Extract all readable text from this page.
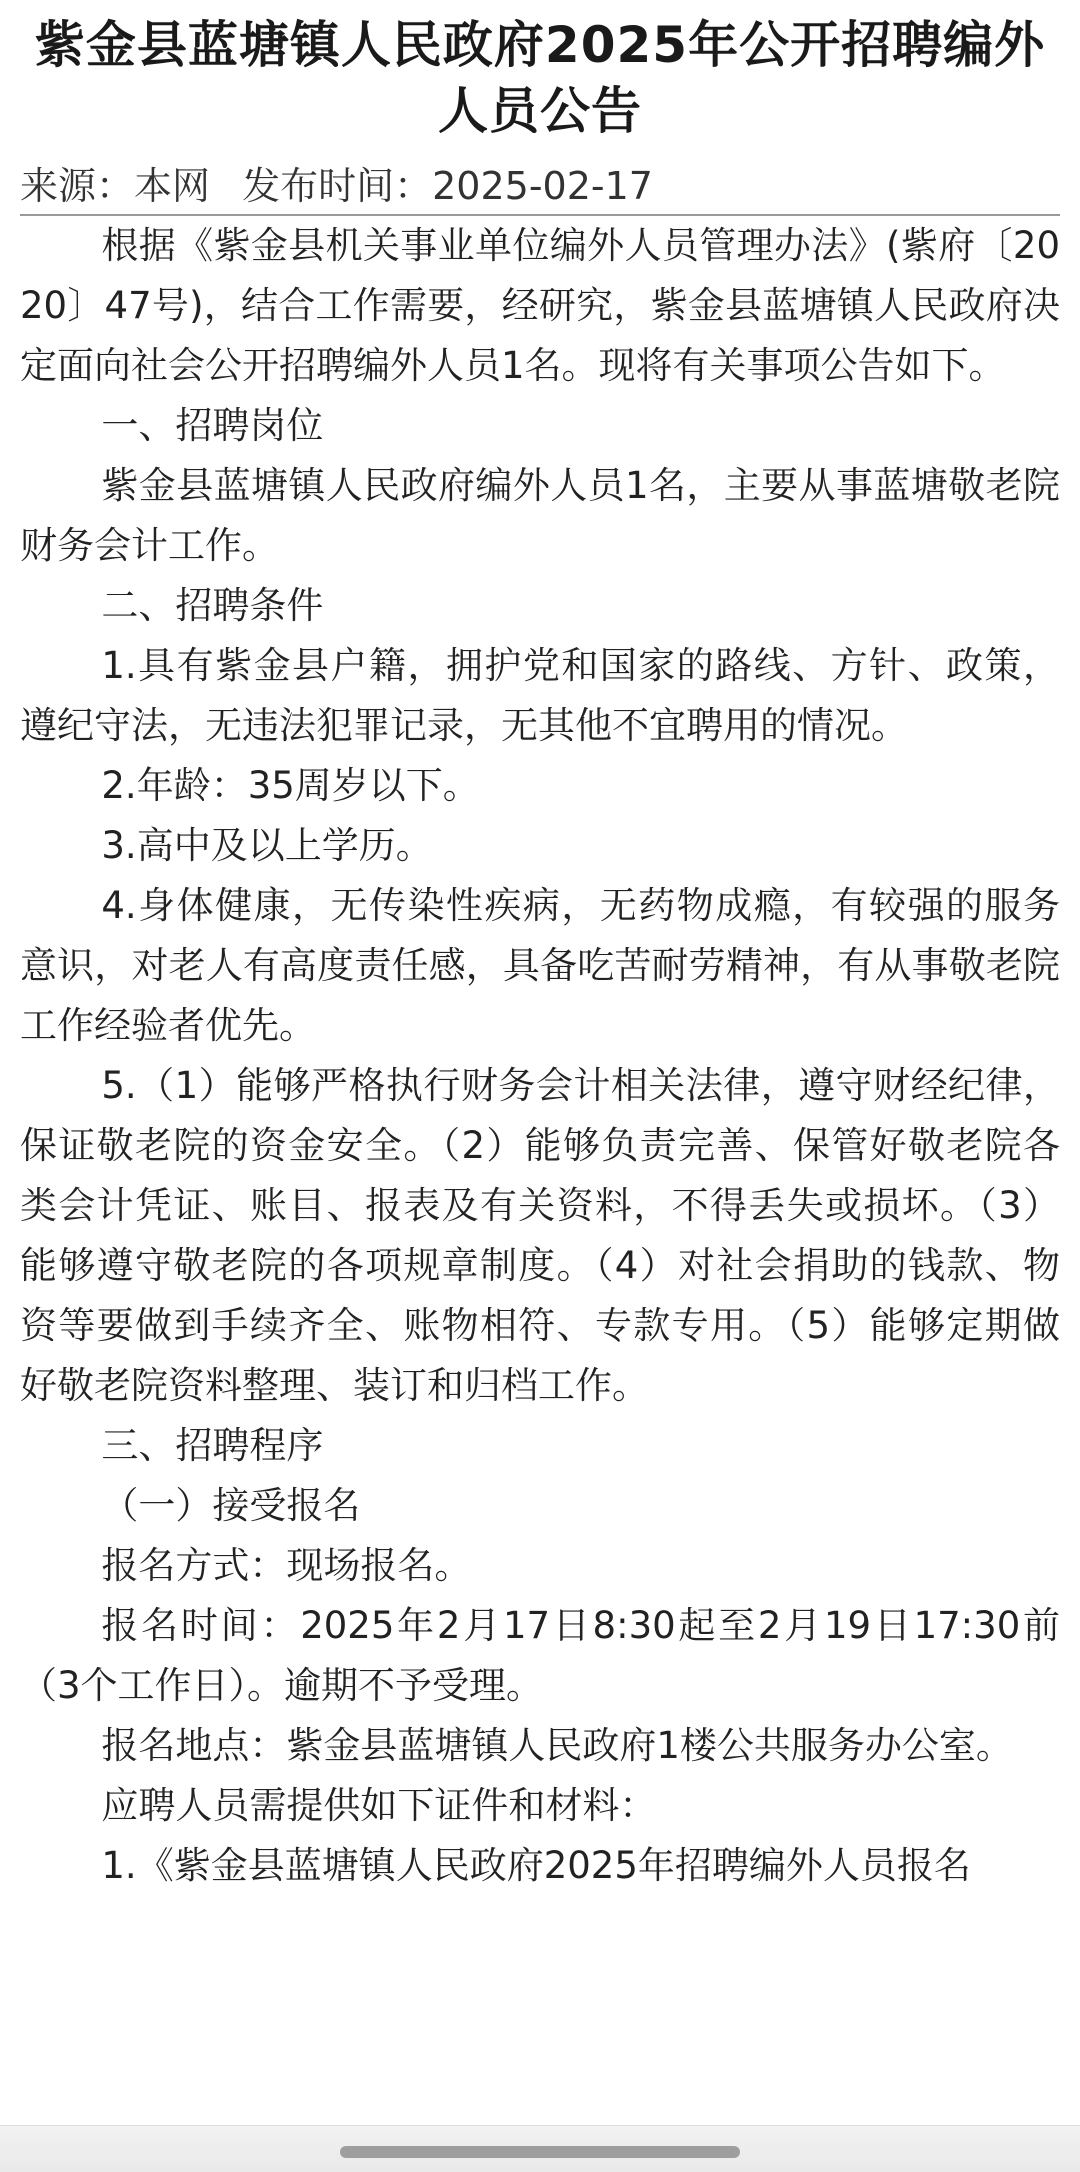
紫金县蓝塘镇人民政府2025年公开招聘编外人员公告
来源：本网 发布时间：2025-02-17

根据《紫金县机关事业单位编外人员管理办法》(紫府〔2020〕47号)，结合工作需要，经研究，紫金县蓝塘镇人民政府决定面向社会公开招聘编外人员1名。现将有关事项公告如下。

一、招聘岗位

紫金县蓝塘镇人民政府编外人员1名，主要从事蓝塘敬老院财务会计工作。

二、招聘条件

1.具有紫金县户籍，拥护党和国家的路线、方针、政策，遵纪守法，无违法犯罪记录，无其他不宜聘用的情况。

2.年龄：35周岁以下。

3.高中及以上学历。

4.身体健康，无传染性疾病，无药物成瘾，有较强的服务意识，对老人有高度责任感，具备吃苦耐劳精神，有从事敬老院工作经验者优先。

5.（1）能够严格执行财务会计相关法律，遵守财经纪律，保证敬老院的资金安全。（2）能够负责完善、保管好敬老院各类会计凭证、账目、报表及有关资料，不得丢失或损坏。（3）能够遵守敬老院的各项规章制度。（4）对社会捐助的钱款、物资等要做到手续齐全、账物相符、专款专用。（5）能够定期做好敬老院资料整理、装订和归档工作。

三、招聘程序

（一）接受报名

报名方式：现场报名。

报名时间：2025年2月17日8:30起至2月19日17:30前（3个工作日）。逾期不予受理。

报名地点：紫金县蓝塘镇人民政府1楼公共服务办公室。

应聘人员需提供如下证件和材料：

1.《紫金县蓝塘镇人民政府2025年招聘编外人员报名
